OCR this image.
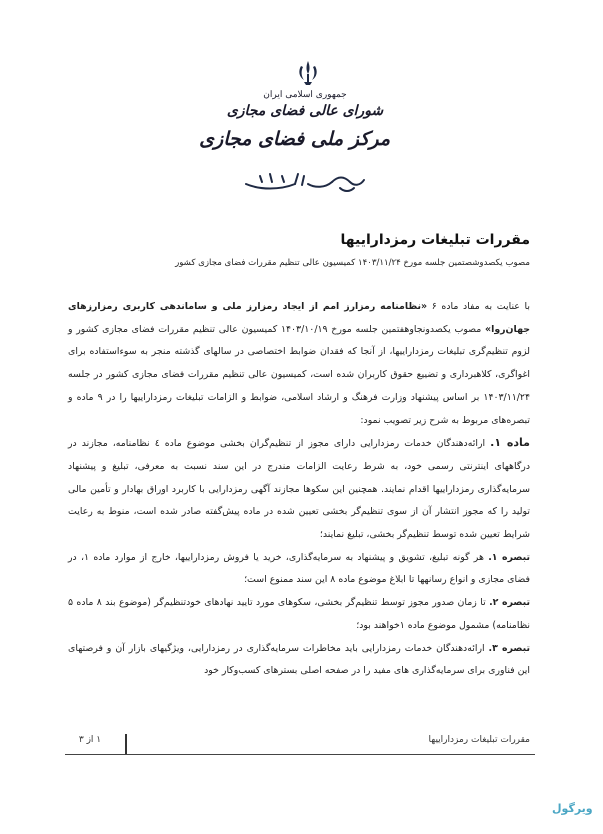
جمهوری اسلامی ایران
شورای عالی فضای مجازی
مرکز ملی فضای مجازی
مقررات تبلیغات رمزداراییها
مصوب یکصدوشصتمین جلسه مورخ ۱۴۰۳/۱۱/۲۴ کمیسیون عالی تنظیم مقررات فضای مجازی کشور

با عنایت به مفاد ماده ۶ «نظامنامه رمزارز امم از ایجاد رمزارز ملی و ساماندهی کاربری رمزارزهای جهان‌روا» مصوب یکصدونجاوهفتمین جلسه مورخ ۱۴۰۳/۱۰/۱۹ کمیسیون عالی تنظیم مقررات فضای مجازی کشور و لزوم تنظیم‌گری تبلیغات رمزداراییها، از آنجا که فقدان ضوابط اختصاصی در سالهای گذشته منجر به سوءاستفاده برای اغواگری، کلاهبرداری و تضییع حقوق کاربران شده است، کمیسیون عالی تنظیم مقررات فضای مجازی کشور در جلسه ۱۴۰۳/۱۱/۲۴ بر اساس پیشنهاد وزارت فرهنگ و ارشاد اسلامی، ضوابط و الزامات تبلیغات رمزداراییها را در ۹ ماده و تبصره‌های مربوط به شرح زیر تصویب نمود:

ماده ۱. ارائه‌دهندگان خدمات رمزدارایی دارای مجوز از تنظیم‌گران بخشی موضوع ماده ٤ نظامنامه، مجازند در درگاههای اینترنتی رسمی خود، به شرط رعایت الزامات مندرج در این سند نسبت به معرفی، تبلیغ و پیشنهاد سرمایه‌گذاری رمزداراییها اقدام نمایند. همچنین این سکوها مجازند آگهی رمزدارایی با کاربرد اوراق بهادار و تأمین مالی تولید را که مجوز انتشار آن از سوی تنظیم‌گر بخشی تعیین شده در ماده پیش‌گفته صادر شده است، منوط به رعایت شرایط تعیین شده توسط تنظیم‌گر بخشی، تبلیغ نمایند؛

تبصره ۱. هر گونه تبلیغ، تشویق و پیشنهاد به سرمایه‌گذاری، خرید یا فروش رمزداراییها، خارج از موارد ماده ۱، در فضای مجازی و انواع رسانهها تا ابلاغ موضوع ماده ۸ این سند ممنوع است؛

تبصره ۲. تا زمان صدور مجوز توسط تنظیم‌گر بخشی، سکوهای مورد تایید نهادهای خودتنظیم‌گر (موضوع بند ۸ ماده ۵ نظامنامه) مشمول موضوع ماده ۱خواهند بود؛

تبصره ۳. ارائه‌دهندگان خدمات رمزدارایی باید مخاطرات سرمایه‌گذاری در رمزدارایی، ویژگیهای بازار آن و فرصتهای این فناوری برای سرمایه‌گذاری های مفید را در صفحه اصلی بسترهای کسب‌وکار خود

مقررات تبلیغات رمزداراییها
۱ از ۳
ویرگول
